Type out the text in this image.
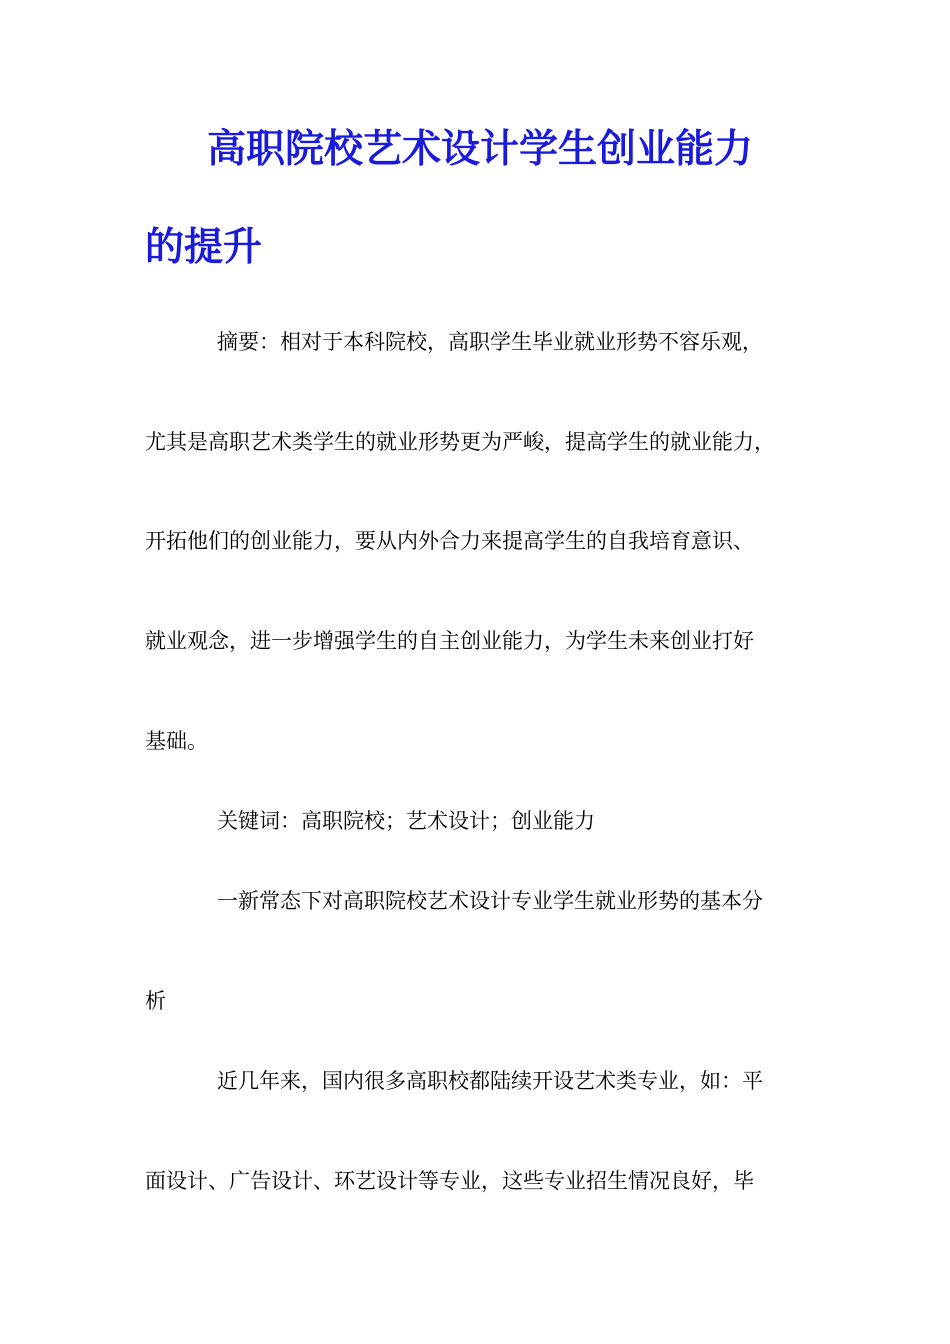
高职院校艺术设计学生创业能力
的提升
摘要：相对于本科院校，高职学生毕业就业形势不容乐观，
尤其是高职艺术类学生的就业形势更为严峻，提高学生的就业能力，
开拓他们的创业能力，要从内外合力来提高学生的自我培育意识、
就业观念，进一步增强学生的自主创业能力，为学生未来创业打好
基础。
关键词：高职院校；艺术设计；创业能力
一新常态下对高职院校艺术设计专业学生就业形势的基本分
析
近几年来，国内很多高职校都陆续开设艺术类专业，如：平
面设计、广告设计、环艺设计等专业，这些专业招生情况良好，毕
